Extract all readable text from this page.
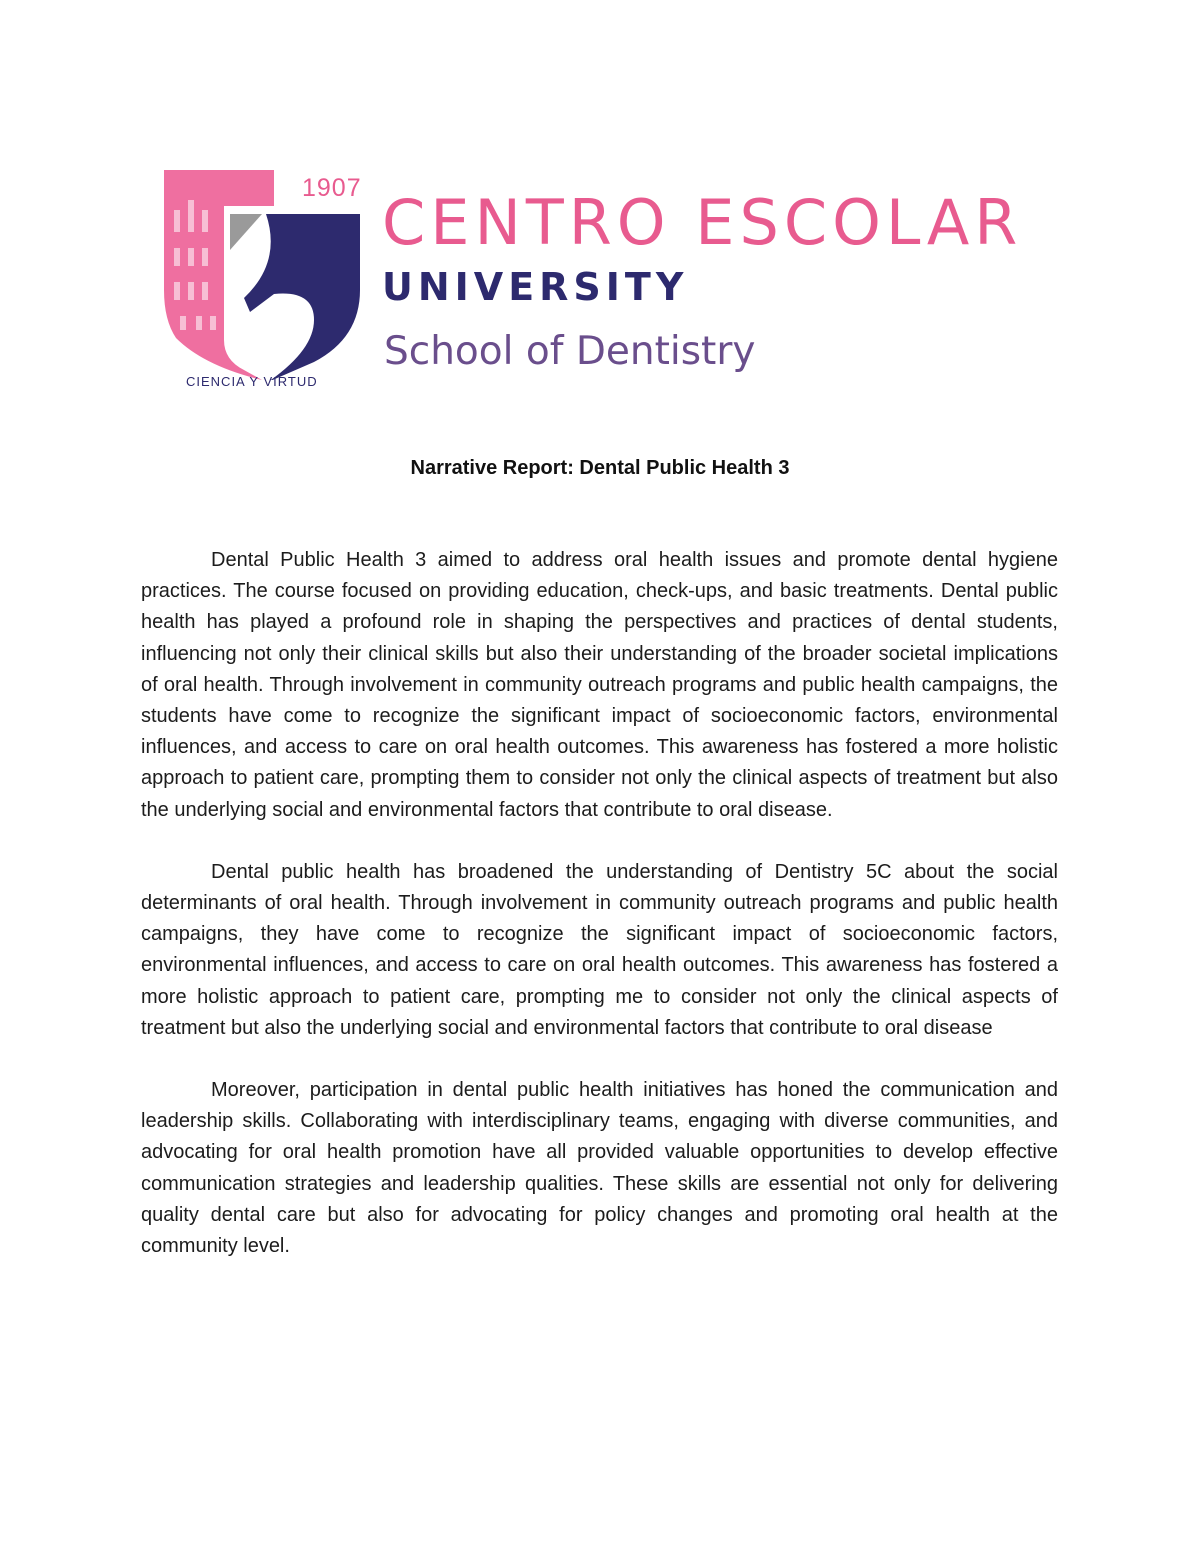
1907
CIENCIA Y VIRTUD
CENTRO ESCOLAR
UNIVERSITY
School of Dentistry
Narrative Report: Dental Public Health 3

Dental Public Health 3 aimed to address oral health issues and promote dental hygiene practices. The course focused on providing education, check-ups, and basic treatments. Dental public health has played a profound role in shaping the perspectives and practices of dental students, influencing not only their clinical skills but also their understanding of the broader societal implications of oral health. Through involvement in community outreach programs and public health campaigns, the students have come to recognize the significant impact of socioeconomic factors, environmental influences, and access to care on oral health outcomes. This awareness has fostered a more holistic approach to patient care, prompting them to consider not only the clinical aspects of treatment but also the underlying social and environmental factors that contribute to oral disease.

Dental public health has broadened the understanding of Dentistry 5C about the social determinants of oral health. Through involvement in community outreach programs and public health campaigns, they have come to recognize the significant impact of socioeconomic factors, environmental influences, and access to care on oral health outcomes. This awareness has fostered a more holistic approach to patient care, prompting me to consider not only the clinical aspects of treatment but also the underlying social and environmental factors that contribute to oral disease

Moreover, participation in dental public health initiatives has honed the communication and leadership skills. Collaborating with interdisciplinary teams, engaging with diverse communities, and advocating for oral health promotion have all provided valuable opportunities to develop effective communication strategies and leadership qualities. These skills are essential not only for delivering quality dental care but also for advocating for policy changes and promoting oral health at the community level.
